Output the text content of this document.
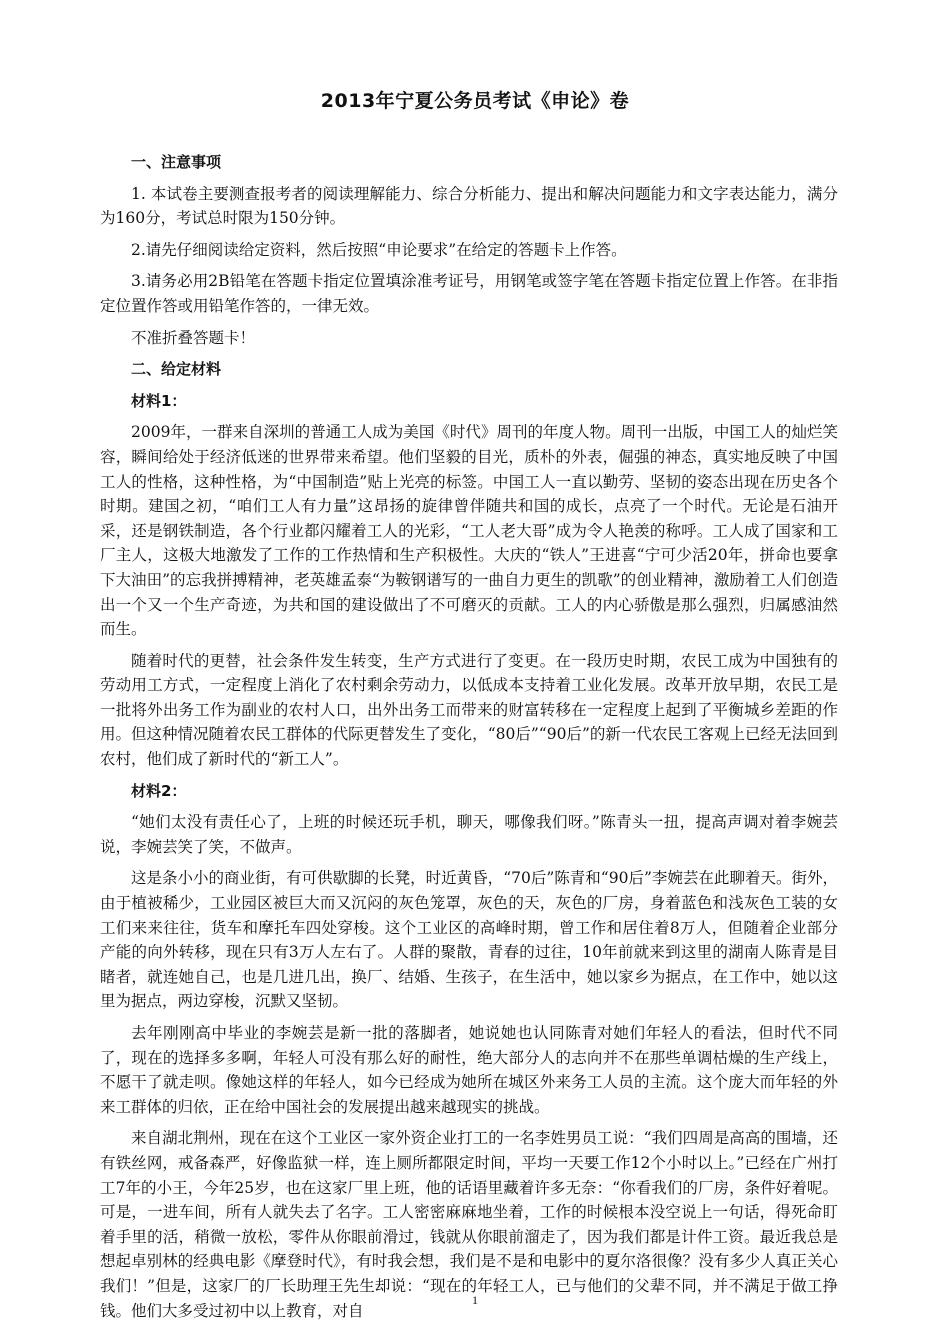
2013年宁夏公务员考试《申论》卷

一、注意事项

1. 本试卷主要测查报考者的阅读理解能力、综合分析能力、提出和解决问题能力和文字表达能力，满分为160分，考试总时限为150分钟。

2.请先仔细阅读给定资料，然后按照“申论要求”在给定的答题卡上作答。

3.请务必用2B铅笔在答题卡指定位置填涂准考证号，用钢笔或签字笔在答题卡指定位置上作答。在非指定位置作答或用铅笔作答的，一律无效。

不准折叠答题卡！

二、给定材料

材料1：

2009年，一群来自深圳的普通工人成为美国《时代》周刊的年度人物。周刊一出版，中国工人的灿烂笑容，瞬间给处于经济低迷的世界带来希望。他们坚毅的目光，质朴的外表，倔强的神态，真实地反映了中国工人的性格，这种性格，为“中国制造”贴上光亮的标签。中国工人一直以勤劳、坚韧的姿态出现在历史各个时期。建国之初，“咱们工人有力量”这昂扬的旋律曾伴随共和国的成长，点亮了一个时代。无论是石油开采，还是钢铁制造，各个行业都闪耀着工人的光彩，“工人老大哥”成为令人艳羡的称呼。工人成了国家和工厂主人，这极大地激发了工作的工作热情和生产积极性。大庆的“铁人”王进喜“宁可少活20年，拼命也要拿下大油田”的忘我拼搏精神，老英雄孟泰“为鞍钢谱写的一曲自力更生的凯歌”的创业精神，激励着工人们创造出一个又一个生产奇迹，为共和国的建设做出了不可磨灭的贡献。工人的内心骄傲是那么强烈，归属感油然而生。

随着时代的更替，社会条件发生转变，生产方式进行了变更。在一段历史时期，农民工成为中国独有的劳动用工方式，一定程度上消化了农村剩余劳动力，以低成本支持着工业化发展。改革开放早期，农民工是一批将外出务工作为副业的农村人口，出外出务工而带来的财富转移在一定程度上起到了平衡城乡差距的作用。但这种情况随着农民工群体的代际更替发生了变化，“80后”“90后”的新一代农民工客观上已经无法回到农村，他们成了新时代的“新工人”。

材料2：

“她们太没有责任心了，上班的时候还玩手机，聊天，哪像我们呀。”陈青头一扭，提高声调对着李婉芸说，李婉芸笑了笑，不做声。

这是条小小的商业街，有可供歇脚的长凳，时近黄昏，“70后”陈青和“90后”李婉芸在此聊着天。街外，由于植被稀少，工业园区被巨大而又沉闷的灰色笼罩，灰色的天，灰色的厂房，身着蓝色和浅灰色工装的女工们来来往往，货车和摩托车四处穿梭。这个工业区的高峰时期，曾工作和居住着8万人，但随着企业部分产能的向外转移，现在只有3万人左右了。人群的聚散，青春的过往，10年前就来到这里的湖南人陈青是目睹者，就连她自己，也是几进几出，换厂、结婚、生孩子，在生活中，她以家乡为据点，在工作中，她以这里为据点，两边穿梭，沉默又坚韧。

去年刚刚高中毕业的李婉芸是新一批的落脚者，她说她也认同陈青对她们年轻人的看法，但时代不同了，现在的选择多多啊，年轻人可没有那么好的耐性，绝大部分人的志向并不在那些单调枯燥的生产线上，不愿干了就走呗。像她这样的年轻人，如今已经成为她所在城区外来务工人员的主流。这个庞大而年轻的外来工群体的归依，正在给中国社会的发展提出越来越现实的挑战。

来自湖北荆州，现在在这个工业区一家外资企业打工的一名李姓男员工说：“我们四周是高高的围墙，还有铁丝网，戒备森严，好像监狱一样，连上厕所都限定时间，平均一天要工作12个小时以上。”已经在广州打工7年的小王，今年25岁，也在这家厂里上班，他的话语里藏着许多无奈：“你看我们的厂房，条件好着呢。可是，一进车间，所有人就失去了名字。工人密密麻麻地坐着，工作的时候根本没空说上一句话，得死命盯着手里的活，稍微一放松，零件从你眼前滑过，钱就从你眼前溜走了，因为我们都是计件工资。最近我总是想起卓别林的经典电影《摩登时代》，有时我会想，我们是不是和电影中的夏尔洛很像？没有多少人真正关心我们！”但是，这家厂的厂长助理王先生却说：“现在的年轻工人，已与他们的父辈不同，并不满足于做工挣钱。他们大多受过初中以上教育，对自

1
